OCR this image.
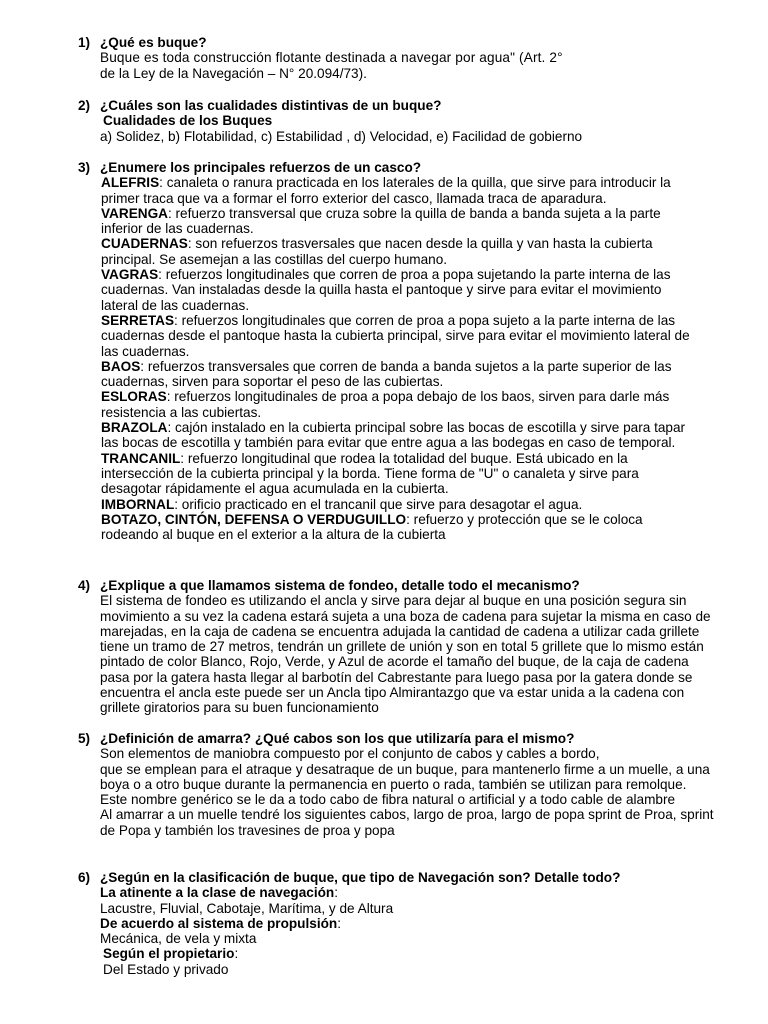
1) ¿Qué es buque?
Buque es toda construcción flotante destinada a navegar por agua" (Art. 2°
de la Ley de la Navegación – N° 20.094/73).
2) ¿Cuáles son las cualidades distintivas de un buque?
Cualidades de los Buques
a) Solidez, b) Flotabilidad, c) Estabilidad , d) Velocidad, e) Facilidad de gobierno
3) ¿Enumere los principales refuerzos de un casco?
ALEFRIS: canaleta o ranura practicada en los laterales de la quilla, que sirve para introducir la primer traca que va a formar el forro exterior del casco, llamada traca de aparadura.
VARENGA: refuerzo transversal que cruza sobre la quilla de banda a banda sujeta a la parte inferior de las cuadernas.
CUADERNAS: son refuerzos trasversales que nacen desde la quilla y van hasta la cubierta principal. Se asemejan a las costillas del cuerpo humano.
VAGRAS: refuerzos longitudinales que corren de proa a popa sujetando la parte interna de las cuadernas. Van instaladas desde la quilla hasta el pantoque y sirve para evitar el movimiento lateral de las cuadernas.
SERRETAS: refuerzos longitudinales que corren de proa a popa sujeto a la parte interna de las cuadernas desde el pantoque hasta la cubierta principal, sirve para evitar el movimiento lateral de las cuadernas.
BAOS: refuerzos transversales que corren de banda a banda sujetos a la parte superior de las cuadernas, sirven para soportar el peso de las cubiertas.
ESLORAS: refuerzos longitudinales de proa a popa debajo de los baos, sirven para darle más resistencia a las cubiertas.
BRAZOLA: cajón instalado en la cubierta principal sobre las bocas de escotilla y sirve para tapar las bocas de escotilla y también para evitar que entre agua a las bodegas en caso de temporal.
TRANCANIL: refuerzo longitudinal que rodea la totalidad del buque. Está ubicado en la intersección de la cubierta principal y la borda. Tiene forma de "U" o canaleta y sirve para desagotar rápidamente el agua acumulada en la cubierta.
IMBORNAL: orificio practicado en el trancanil que sirve para desagotar el agua.
BOTAZO, CINTÓN, DEFENSA O VERDUGUILLO: refuerzo y protección que se le coloca rodeando al buque en el exterior a la altura de la cubierta
4) ¿Explique a que llamamos sistema de fondeo, detalle todo el mecanismo?
El sistema de fondeo es utilizando el ancla y sirve para dejar al buque en una posición segura sin movimiento a su vez la cadena estará sujeta a una boza de cadena para sujetar la misma en caso de marejadas, en la caja de cadena se encuentra adujada la cantidad de cadena a utilizar cada grillete tiene un tramo de 27 metros, tendrán un grillete de unión y son en total 5 grillete que lo mismo están pintado de color Blanco, Rojo, Verde, y Azul de acorde el tamaño del buque, de la caja de cadena pasa por la gatera hasta llegar al barbotín del Cabrestante para luego pasa por la gatera donde se encuentra el ancla este puede ser un Ancla tipo Almirantazgo que va estar unida a la cadena con grillete giratorios para su buen funcionamiento
5) ¿Definición de amarra? ¿Qué cabos son los que utilizaría para el mismo?
Son elementos de maniobra compuesto por el conjunto de cabos y cables a bordo,
que se emplean para el atraque y desatraque de un buque, para mantenerlo firme a un muelle, a una boya o a otro buque durante la permanencia en puerto o rada, también se utilizan para remolque.
Este nombre genérico se le da a todo cabo de fibra natural o artificial y a todo cable de alambre
Al amarrar a un muelle tendré los siguientes cabos, largo de proa, largo de popa sprint de Proa, sprint de Popa y también los travesines de proa y popa
6) ¿Según en la clasificación de buque, que tipo de Navegación son? Detalle todo?
La atinente a la clase de navegación:
Lacustre, Fluvial, Cabotaje, Marítima, y de Altura
De acuerdo al sistema de propulsión:
Mecánica, de vela y mixta
Según el propietario:
Del Estado y privado
